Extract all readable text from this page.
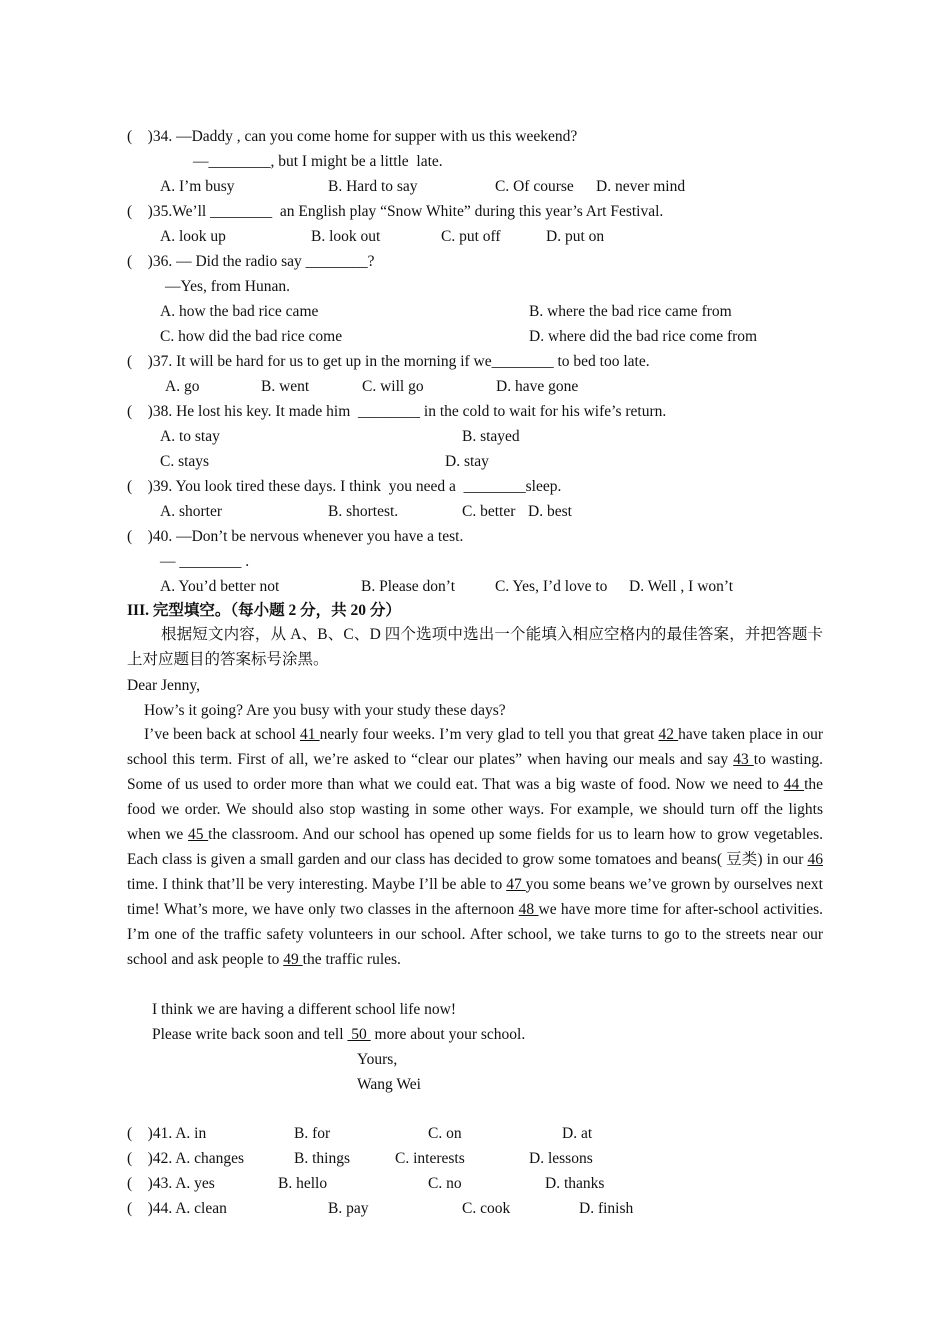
(    )34. —Daddy , can you come home for supper with us this weekend?
—________, but I might be a little  late.
A. I’m busy	B. Hard to say	C. Of course D. never mind
(    )35.We’ll ________  an English play “Snow White” during this year’s Art Festival.
A. look up	B. look out	C. put off	D. put on
(    )36. — Did the radio say ________?
—Yes, from Hunan.
A. how the bad rice came	B. where the bad rice came from
C. how did the bad rice come	D. where did the bad rice come from
(    )37. It will be hard for us to get up in the morning if we________ to bed too late.
A. go	B. went	C. will go	D. have gone
(    )38. He lost his key. It made him  ________ in the cold to wait for his wife’s return.
A. to stay	B. stayed
C. stays	D. stay
(    )39. You look tired these days. I think  you need a  ________sleep.
A. shorter	B. shortest.	C. better D. best
(    )40. —Don’t be nervous whenever you have a test.
— ________ .
A. You’d better not	B. Please don’t	C. Yes, I’d love to D. Well , I won’t
III. 完型填空。（每小题 2 分，共 20 分）
根据短文内容，从 A、B、C、D 四个选项中选出一个能填入相应空格内的最佳答案，并把答题卡上对应题目的答案标号涂黑。
Dear Jenny,
How’s it going? Are you busy with your study these days?
I’ve been back at school 41 nearly four weeks. I’m very glad to tell you that great 42 have taken place in our school this term. First of all, we’re asked to “clear our plates” when having our meals and say 43 to wasting. Some of us used to order more than what we could eat. That was a big waste of food. Now we need to 44 the food we order. We should also stop wasting in some other ways. For example, we should turn off the lights when we 45 the classroom. And our school has opened up some fields for us to learn how to grow vegetables. Each class is given a small garden and our class has decided to grow some tomatoes and beans( 豆类) in our 46 time. I think that’ll be very interesting. Maybe I’ll be able to 47 you some beans we’ve grown by ourselves next time! What’s more, we have only two classes in the afternoon 48 we have more time for after-school activities. I’m one of the traffic safety volunteers in our school. After school, we take turns to go to the streets near our school and ask people to 49 the traffic rules.
I think we are having a different school life now!
Please write back soon and tell  50  more about your school.
Yours,
Wang Wei
(    )41. A. in	B. for	C. on	D. at
(    )42. A. changes	B. things	C. interests	D. lessons
(    )43. A. yes	B. hello	C. no	D. thanks
(    )44. A. clean	B. pay	C. cook	D. finish
